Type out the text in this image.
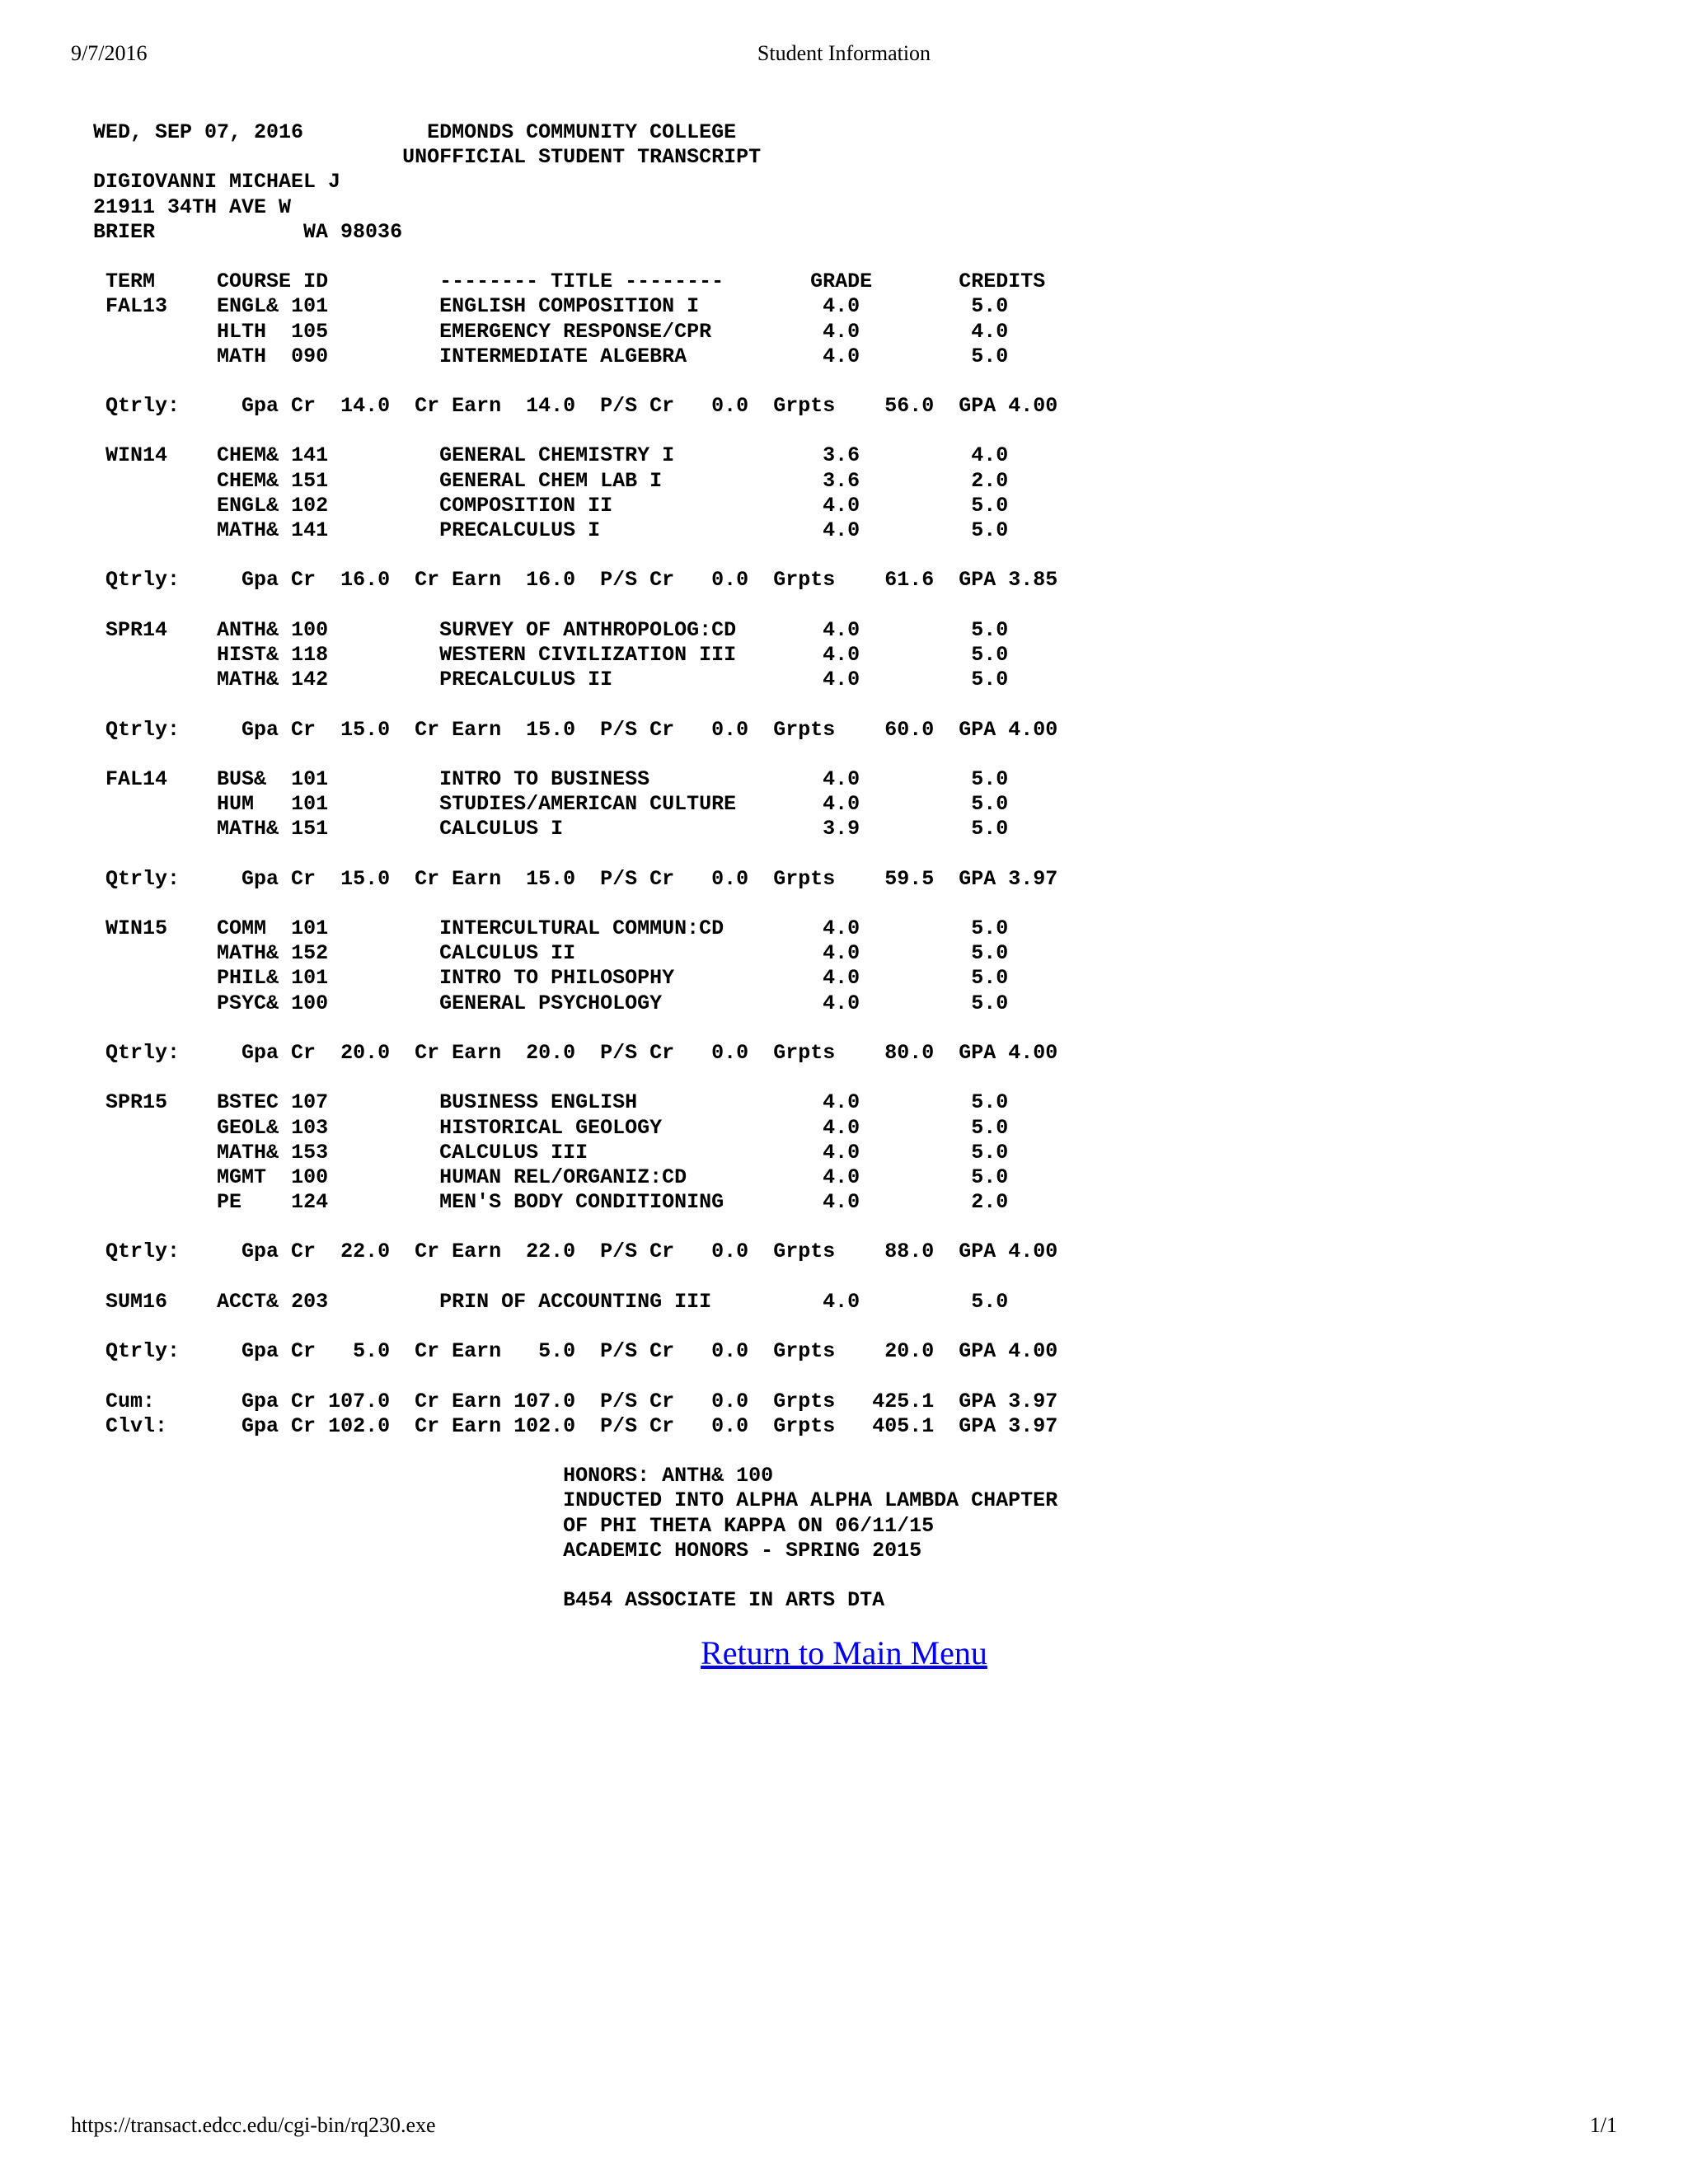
9/7/2016	Student Information
WED, SEP 07, 2016          EDMONDS COMMUNITY COLLEGE
UNOFFICIAL STUDENT TRANSCRIPT
DIGIOVANNI MICHAEL J
21911 34TH AVE W
BRIER            WA 98036
TERM     COURSE ID         -------- TITLE --------       GRADE	CREDITS
FAL13    ENGL& 101         ENGLISH COMPOSITION I          4.0         5.0
HLTH  105         EMERGENCY RESPONSE/CPR         4.0         4.0
MATH  090         INTERMEDIATE ALGEBRA           4.0         5.0
Qtrly:     Gpa Cr  14.0 Cr Earn  14.0 P/S Cr   0.0 Grpts    56.0 GPA 4.00
WIN14    CHEM& 141         GENERAL CHEMISTRY I            3.6         4.0
CHEM& 151         GENERAL CHEM LAB I             3.6         2.0
ENGL& 102         COMPOSITION II                 4.0         5.0
MATH& 141         PRECALCULUS I                  4.0         5.0
Qtrly:     Gpa Cr  16.0 Cr Earn  16.0 P/S Cr   0.0 Grpts    61.6 GPA 3.85
SPR14    ANTH& 100         SURVEY OF ANTHROPOLOG:CD       4.0         5.0
HIST& 118         WESTERN CIVILIZATION III       4.0         5.0
MATH& 142         PRECALCULUS II                 4.0         5.0
Qtrly:     Gpa Cr  15.0 Cr Earn  15.0 P/S Cr   0.0 Grpts    60.0 GPA 4.00
FAL14    BUS&  101         INTRO TO BUSINESS              4.0         5.0
HUM   101         STUDIES/AMERICAN CULTURE       4.0         5.0
MATH& 151         CALCULUS I                     3.9         5.0
Qtrly:     Gpa Cr  15.0 Cr Earn  15.0 P/S Cr   0.0 Grpts    59.5 GPA 3.97
WIN15    COMM  101         INTERCULTURAL COMMUN:CD        4.0         5.0
MATH& 152         CALCULUS II                    4.0         5.0
PHIL& 101         INTRO TO PHILOSOPHY            4.0         5.0
PSYC& 100         GENERAL PSYCHOLOGY             4.0         5.0
Qtrly:     Gpa Cr  20.0 Cr Earn  20.0 P/S Cr   0.0 Grpts    80.0 GPA 4.00
SPR15    BSTEC 107         BUSINESS ENGLISH               4.0         5.0
GEOL& 103         HISTORICAL GEOLOGY             4.0         5.0
MATH& 153         CALCULUS III                   4.0         5.0
MGMT  100         HUMAN REL/ORGANIZ:CD           4.0         5.0
PE    124         MEN'S BODY CONDITIONING        4.0         2.0
Qtrly:     Gpa Cr  22.0 Cr Earn  22.0 P/S Cr   0.0 Grpts    88.0 GPA 4.00
SUM16    ACCT& 203         PRIN OF ACCOUNTING III         4.0         5.0
Qtrly:     Gpa Cr   5.0 Cr Earn   5.0 P/S Cr   0.0 Grpts    20.0 GPA 4.00
Cum:       Gpa Cr 107.0 Cr Earn 107.0 P/S Cr   0.0 Grpts   425.1 GPA 3.97
Clvl:      Gpa Cr 102.0 Cr Earn 102.0 P/S Cr   0.0 Grpts   405.1 GPA 3.97
HONORS: ANTH& 100
INDUCTED INTO ALPHA ALPHA LAMBDA CHAPTER
OF PHI THETA KAPPA ON 06/11/15
ACADEMIC HONORS - SPRING 2015
B454 ASSOCIATE IN ARTS DTA
Return to Main Menu
https://transact.edcc.edu/cgi-bin/rq230.exe	1/1
